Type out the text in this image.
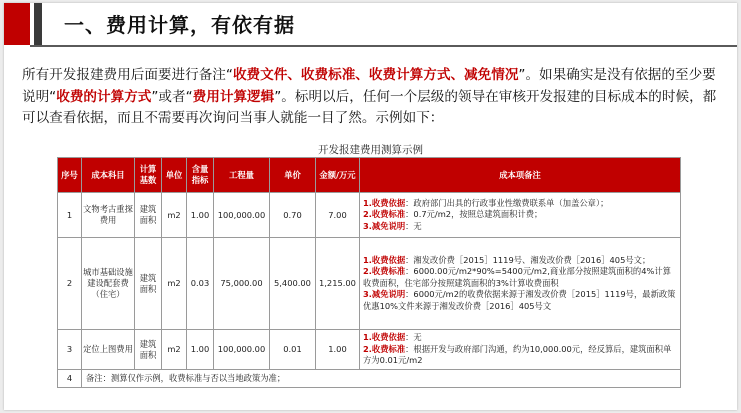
一、费用计算，有依有据
所有开发报建费用后面要进行备注“收费文件、收费标准、收费计算方式、减免情况”。如果确实是没有依据的至少要说明“收费的计算方式”或者“费用计算逻辑”。标明以后，任何一个层级的领导在审核开发报建的目标成本的时候，都可以查看依据，而且不需要再次询问当事人就能一目了然。示例如下：
开发报建费用测算示例
序号	成本科目	计算基数	单位	含量指标	工程量	单价	金额/万元	成本项备注
1	文物考古重探费用	建筑面积	m2	1.00	100,000.00	0.70	7.00	1.收费依据：政府部门出具的行政事业性缴费联系单（加盖公章）；
2.收费标准：0.7元/m2，按照总建筑面积计费；
3.减免说明：无

2	城市基础设施建设配套费（住宅）	建筑面积	m2	0.03	75,000.00	5,400.00	1,215.00	1.收费依据：湘发改价费［2015］1119号、湘发改价费［2016］405号文；
2.收费标准：6000.00元/m2*90%=5400元/m2,商业部分按照建筑面积的4%计算收费面积，住宅部分按照建筑面积的3%计算收费面积
3.减免说明：6000元/m2的收费依据来源于湘发改价费［2015］1119号，最新政策优惠10%文件来源于湘发改价费［2016］405号文

3	定位上图费用	建筑面积	m2	1.00	100,000.00	0.01	1.00	1.收费依据：无
2.收费标准：根据开发与政府部门沟通，约为10,000.00元，经反算后，建筑面积单方为0.01元/m2

4	备注：测算仅作示例，收费标准与否以当地政策为准；							
